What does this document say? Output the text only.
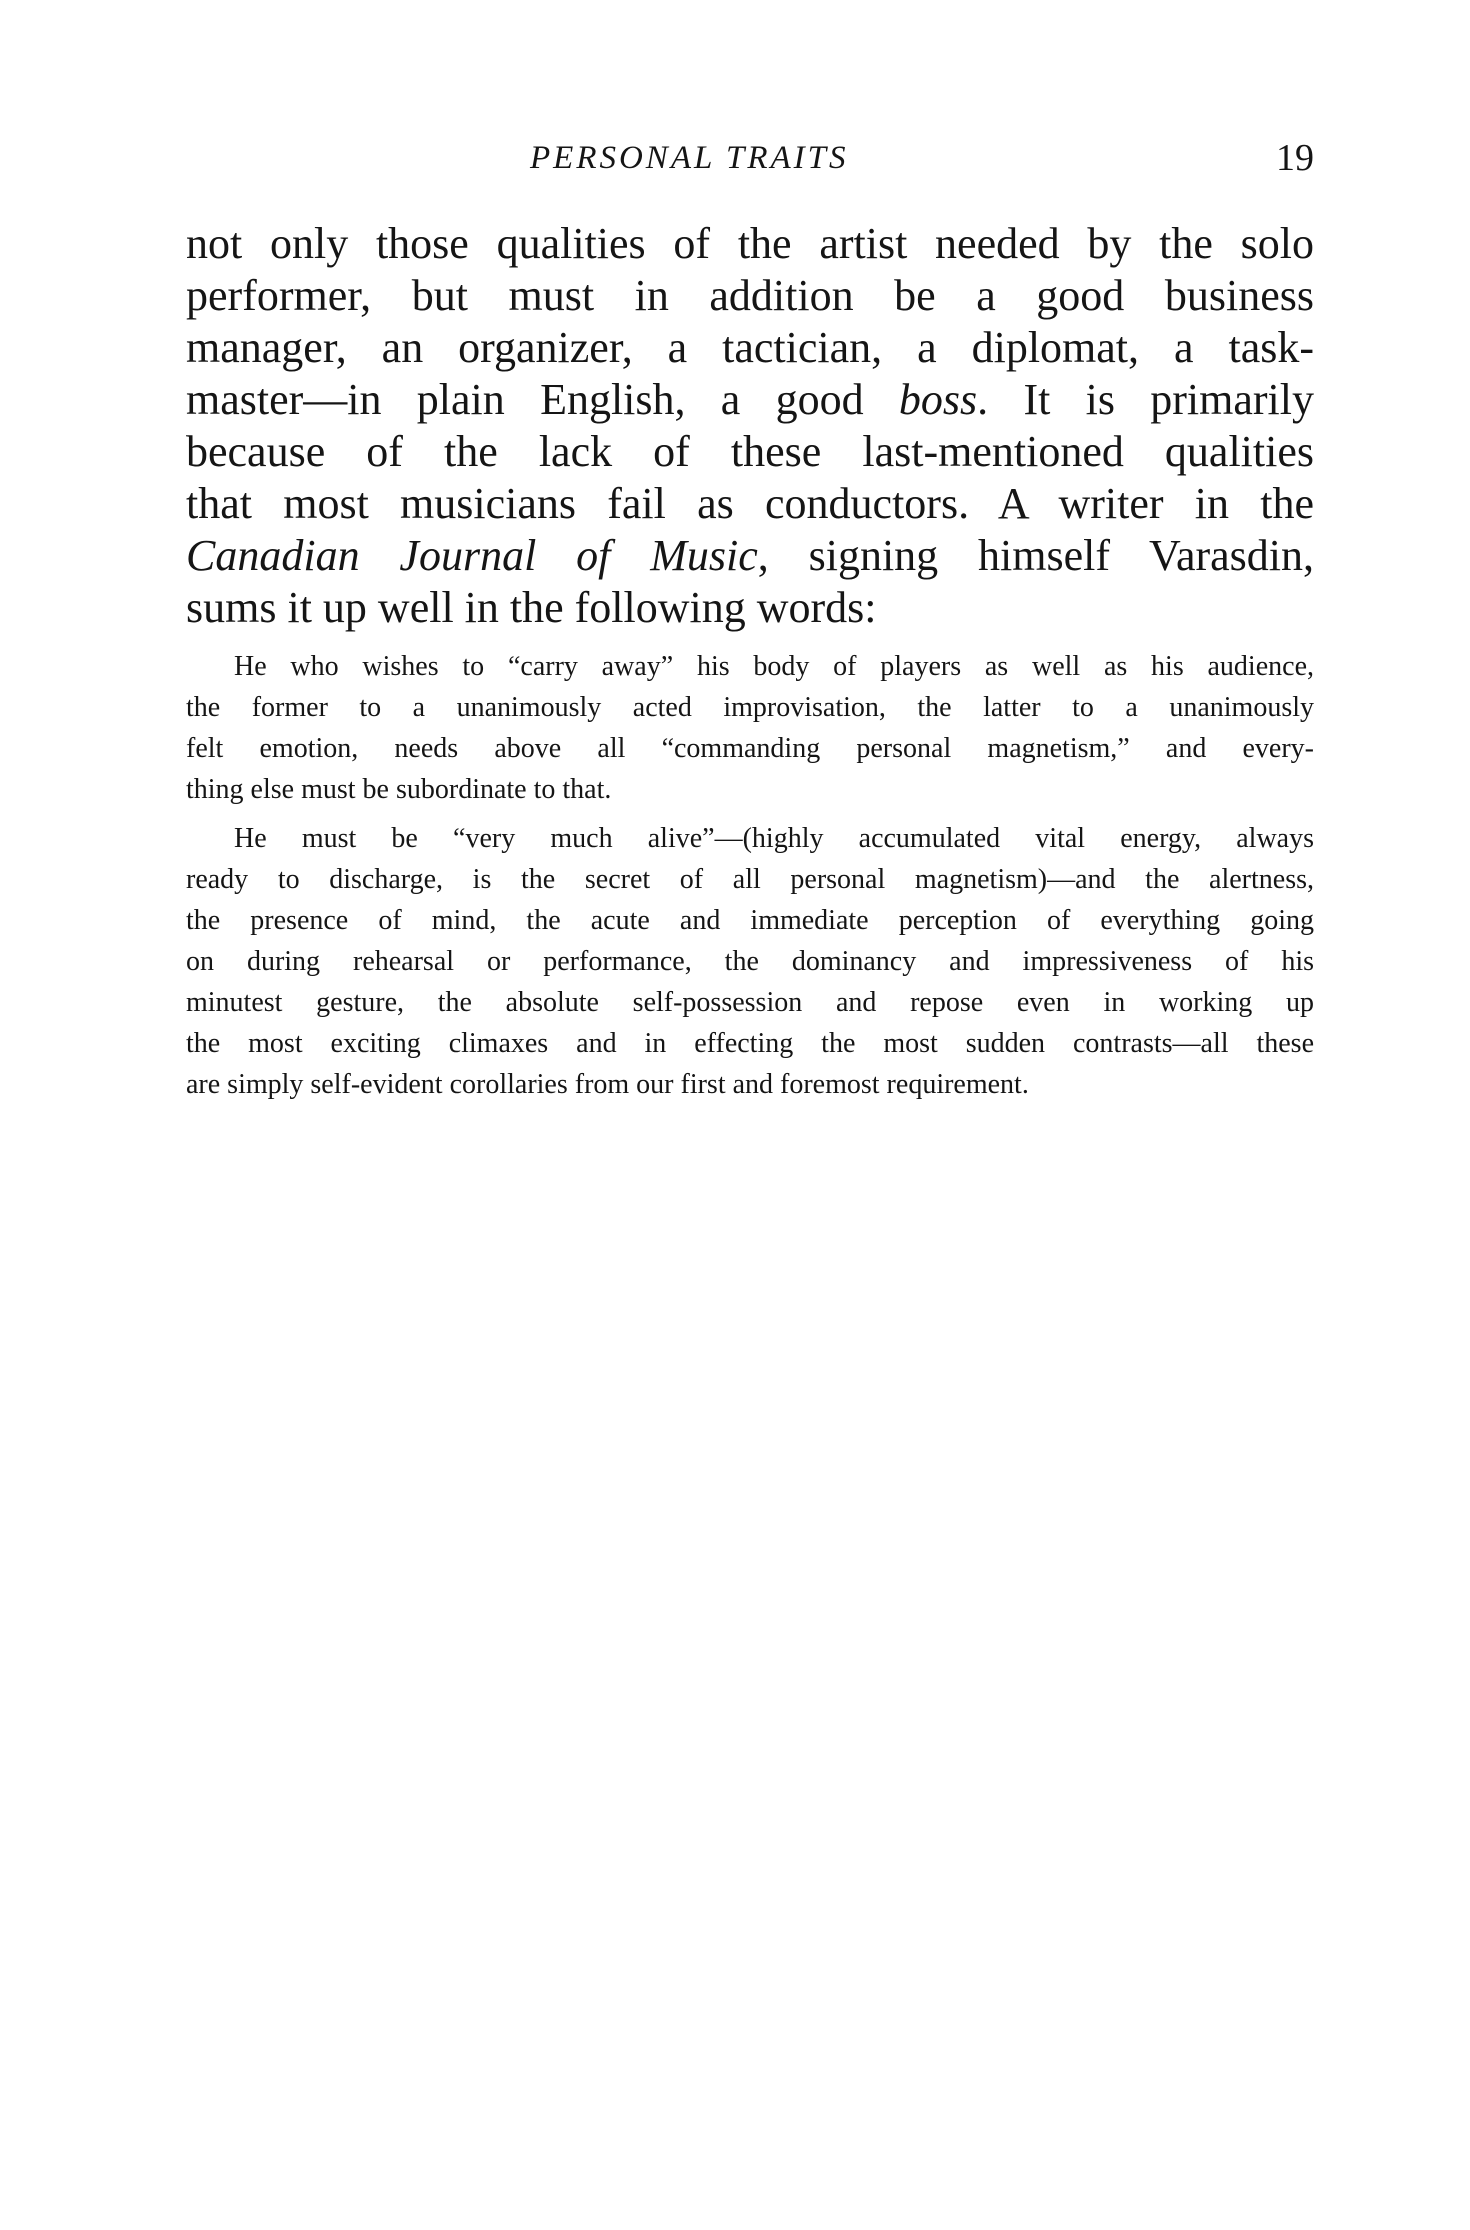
PERSONAL TRAITS	19
not only those qualities of the artist needed by the solo
performer, but must in addition be a good business
manager, an organizer, a tactician, a diplomat, a task-
master—in plain English, a good boss. It is primarily
because of the lack of these last-mentioned qualities
that most musicians fail as conductors. A writer in the
Canadian Journal of Music, signing himself Varasdin,
sums it up well in the following words:
He who wishes to “carry away” his body of players as well as his audience,
the former to a unanimously acted improvisation, the latter to a unanimously
felt emotion, needs above all “commanding personal magnetism,” and every-
thing else must be subordinate to that.
He must be “very much alive”—(highly accumulated vital energy, always
ready to discharge, is the secret of all personal magnetism)—and the alertness,
the presence of mind, the acute and immediate perception of everything going
on during rehearsal or performance, the dominancy and impressiveness of his
minutest gesture, the absolute self-possession and repose even in working up
the most exciting climaxes and in effecting the most sudden contrasts—all these
are simply self-evident corollaries from our first and foremost requirement.
